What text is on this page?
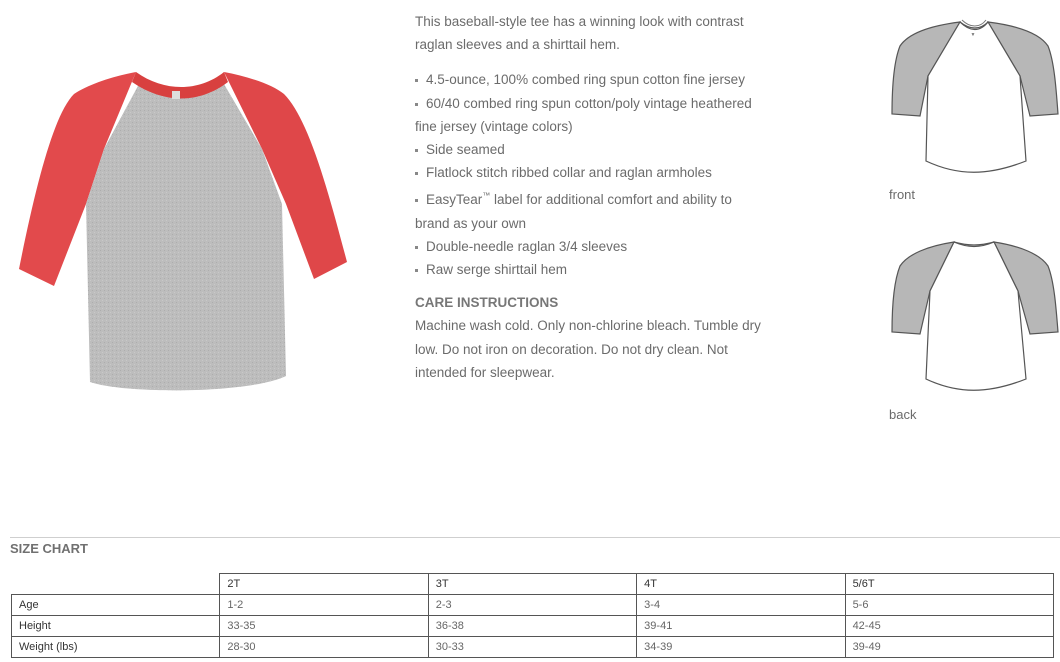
This baseball-style tee has a winning look with contrast raglan sleeves and a shirttail hem.

4.5-ounce, 100% combed ring spun cotton fine jersey
60/40 combed ring spun cotton/poly vintage heathered fine jersey (vintage colors)
Side seamed
Flatlock stitch ribbed collar and raglan armholes
EasyTear™ label for additional comfort and ability to brand as your own
Double-needle raglan 3/4 sleeves
Raw serge shirttail hem
CARE INSTRUCTIONS

Machine wash cold. Only non-chlorine bleach. Tumble dry low. Do not iron on decoration. Do not dry clean. Not intended for sleepwear.

▼
front
back
SIZE CHART
	2T	3T	4T	5/6T
Age	1-2	2-3	3-4	5-6
Height	33-35	36-38	39-41	42-45
Weight (lbs)	28-30	30-33	34-39	39-49
